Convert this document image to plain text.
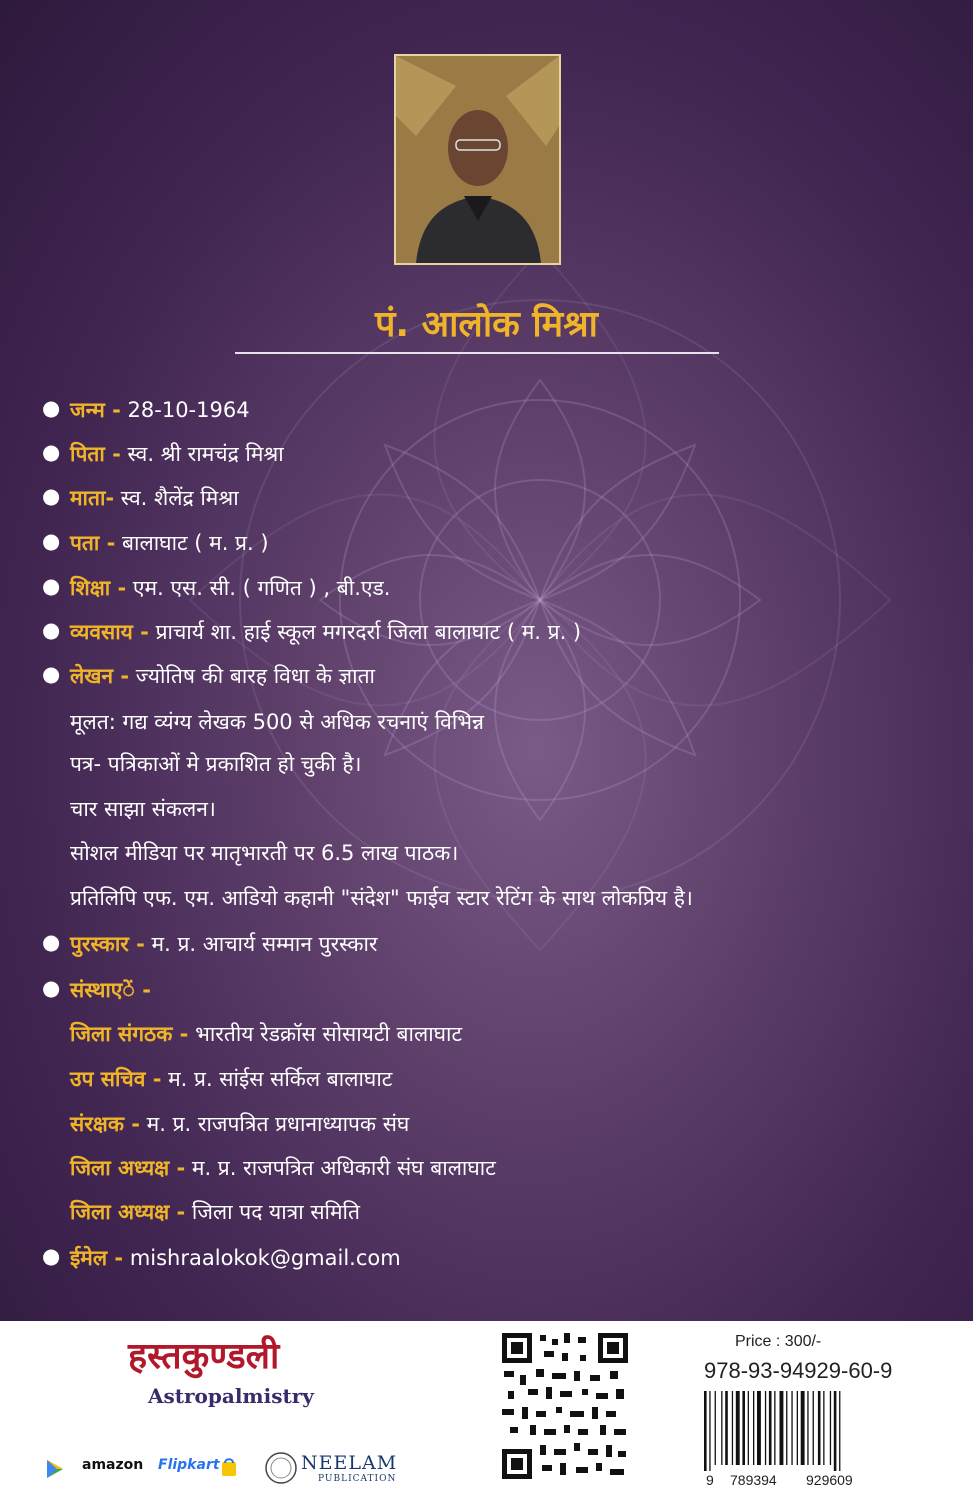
पं. आलोक मिश्रा
● जन्म - 28-10-1964
● पिता - स्व. श्री रामचंद्र मिश्रा
● माता- स्व. शैलेंद्र मिश्रा
● पता - बालाघाट ( म. प्र. )
● शिक्षा - एम. एस. सी. ( गणित ) , बी.एड.
● व्यवसाय - प्राचार्य शा. हाई स्कूल मगरदर्रा जिला बालाघाट ( म. प्र. )
● लेखन - ज्योतिष की बारह विधा के ज्ञाता
मूलत: गद्य व्यंग्य लेखक 500 से अधिक रचनाएं विभिन्न
पत्र- पत्रिकाओं मे प्रकाशित हो चुकी है।
चार साझा संकलन।
सोशल मीडिया पर मातृभारती पर 6.5 लाख पाठक।
प्रतिलिपि एफ. एम. आडियो कहानी "संदेश" फाईव स्टार रेटिंग के साथ लोकप्रिय है।
● पुरस्कार - म. प्र. आचार्य सम्मान पुरस्कार
● संस्थाएें -
जिला संगठक - भारतीय रेडक्रॉस सोसायटी बालाघाट
उप सचिव - म. प्र. सांईस सर्किल बालाघाट
संरक्षक - म. प्र. राजपत्रित प्रधानाध्यापक संघ
जिला अध्यक्ष - म. प्र. राजपत्रित अधिकारी संघ बालाघाट
जिला अध्यक्ष - जिला पद यात्रा समिति
● ईमेल - mishraalokok@gmail.com
हस्तकुण्डली
Astropalmistry
amazon Flipkart	NEELAM
PUBLICATION
Price : 300/-
978-93-94929-60-9
9 789394 929609
